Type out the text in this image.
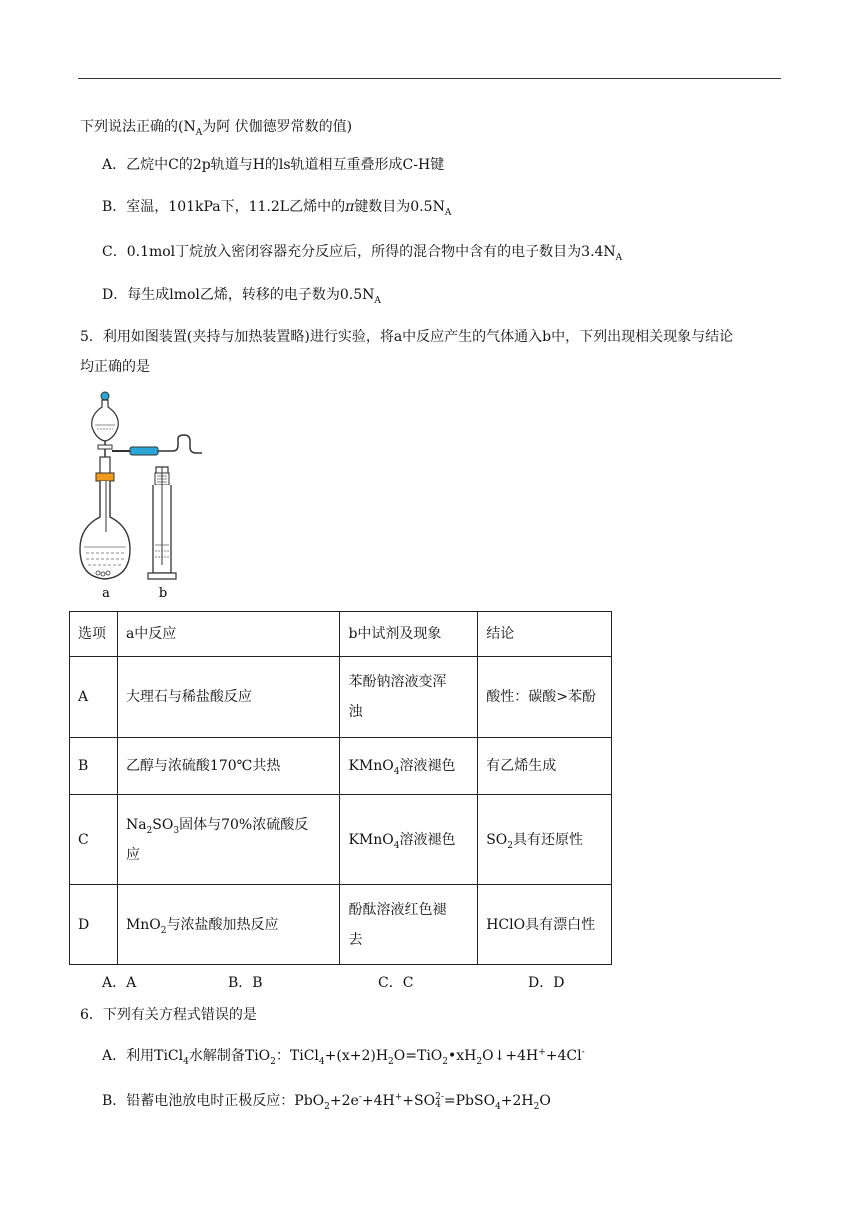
下列说法正确的($N_A$为阿 伏伽德罗常数的值)
A．乙烷中C的2p轨道与H的ls轨道相互重叠形成C-H键
B．室温，101kPa下，11.2L乙烯中的π键数目为$0.5N_A$
C．0.1mol丁烷放入密闭容器充分反应后，所得的混合物中含有的电子数目为$3.4N_A$
D．每生成lmol乙烯，转移的电子数为$0.5N_A$
5．利用如图装置(夹持与加热装置略)进行实验，将a中反应产生的气体通入b中，下列出现相关现象与结论
均正确的是
a	b
选项	a中反应	b中试剂及现象	结论
A	大理石与稀盐酸反应	苯酚钠溶液变浑
浊	酸性：碳酸>苯酚
B	乙醇与浓硫酸170℃共热	KMnO$_4$溶液褪色	有乙烯生成
C	$Na_2SO_3$固体与70%浓硫酸反
应	KMnO$_4$溶液褪色	$SO_2$具有还原性
D	MnO$_2$与浓盐酸加热反应	酚酞溶液红色褪
去	HClO具有漂白性
A．A	B．B	C．C	D．D
6．下列有关方程式错误的是
A．利用TiCl$_4$水解制备TiO$_2$：$TiCl_4+(x+2)H_2O=TiO_2•xH_2O↓+4H^++4Cl^-$
B．铅蓄电池放电时正极反应：PbO$_2$+2e-+4H++SO2-
$4 =PbSO_4+2H_2O$
